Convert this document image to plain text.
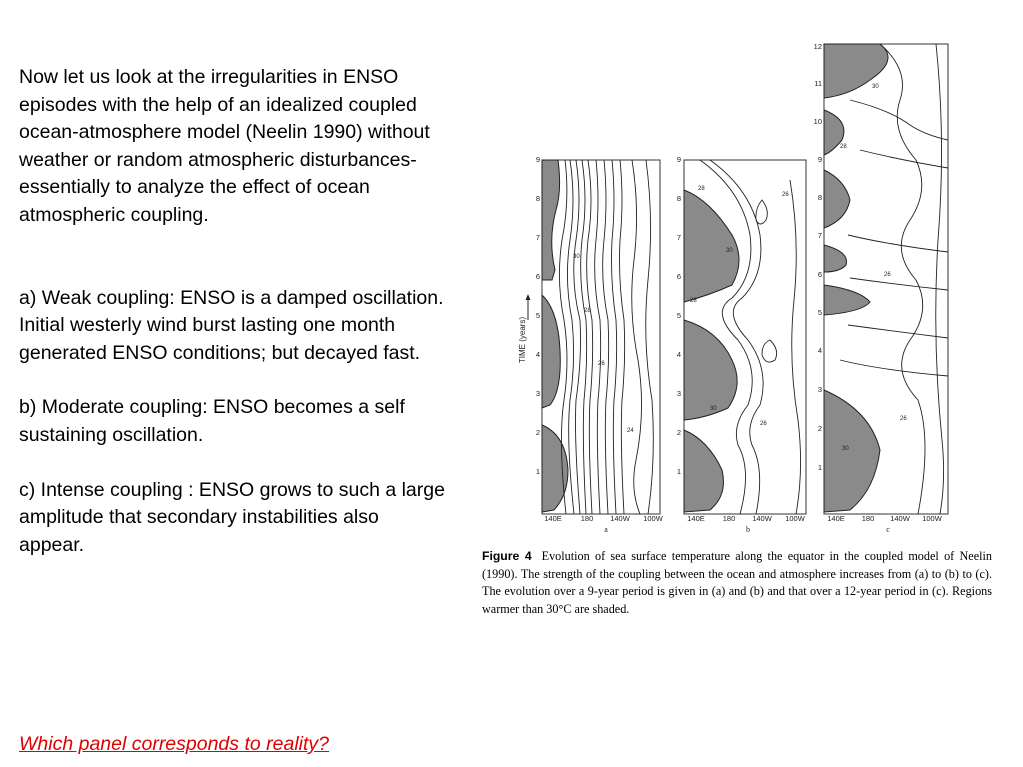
Now let us look at the irregularities in ENSO

episodes with the help of an idealized coupled ocean-atmosphere model (Neelin 1990) without weather or random atmospheric disturbances-essentially to analyze the effect of ocean atmospheric coupling.

a) Weak coupling: ENSO is a damped oscillation. Initial westerly wind burst lasting one month generated ENSO conditions; but decayed fast.

b) Moderate coupling: ENSO becomes a self sustaining oscillation.

c) Intense coupling : ENSO grows to such a large amplitude that secondary instabilities also appear.

Which panel corresponds to reality?
TIME (years)
30
28
26
24
9
8
7
6
5
4
3
2
1
140E	180 140W 100W
a
28
26
30
28
30
26
9
8
7
6
5
4
3
2
1
140E 180 140W 100W
b
30
28
26
26
30
12
11
10
9
8
7
6
5
4
3
2
1
140E 180 140W 100W
c
Figure 4 Evolution of sea surface temperature along the equator in the coupled model of Neelin (1990). The strength of the coupling between the ocean and atmosphere increases from (a) to (b) to (c). The evolution over a 9-year period is given in (a) and (b) and that over a 12-year period in (c). Regions warmer than 30°C are shaded.
